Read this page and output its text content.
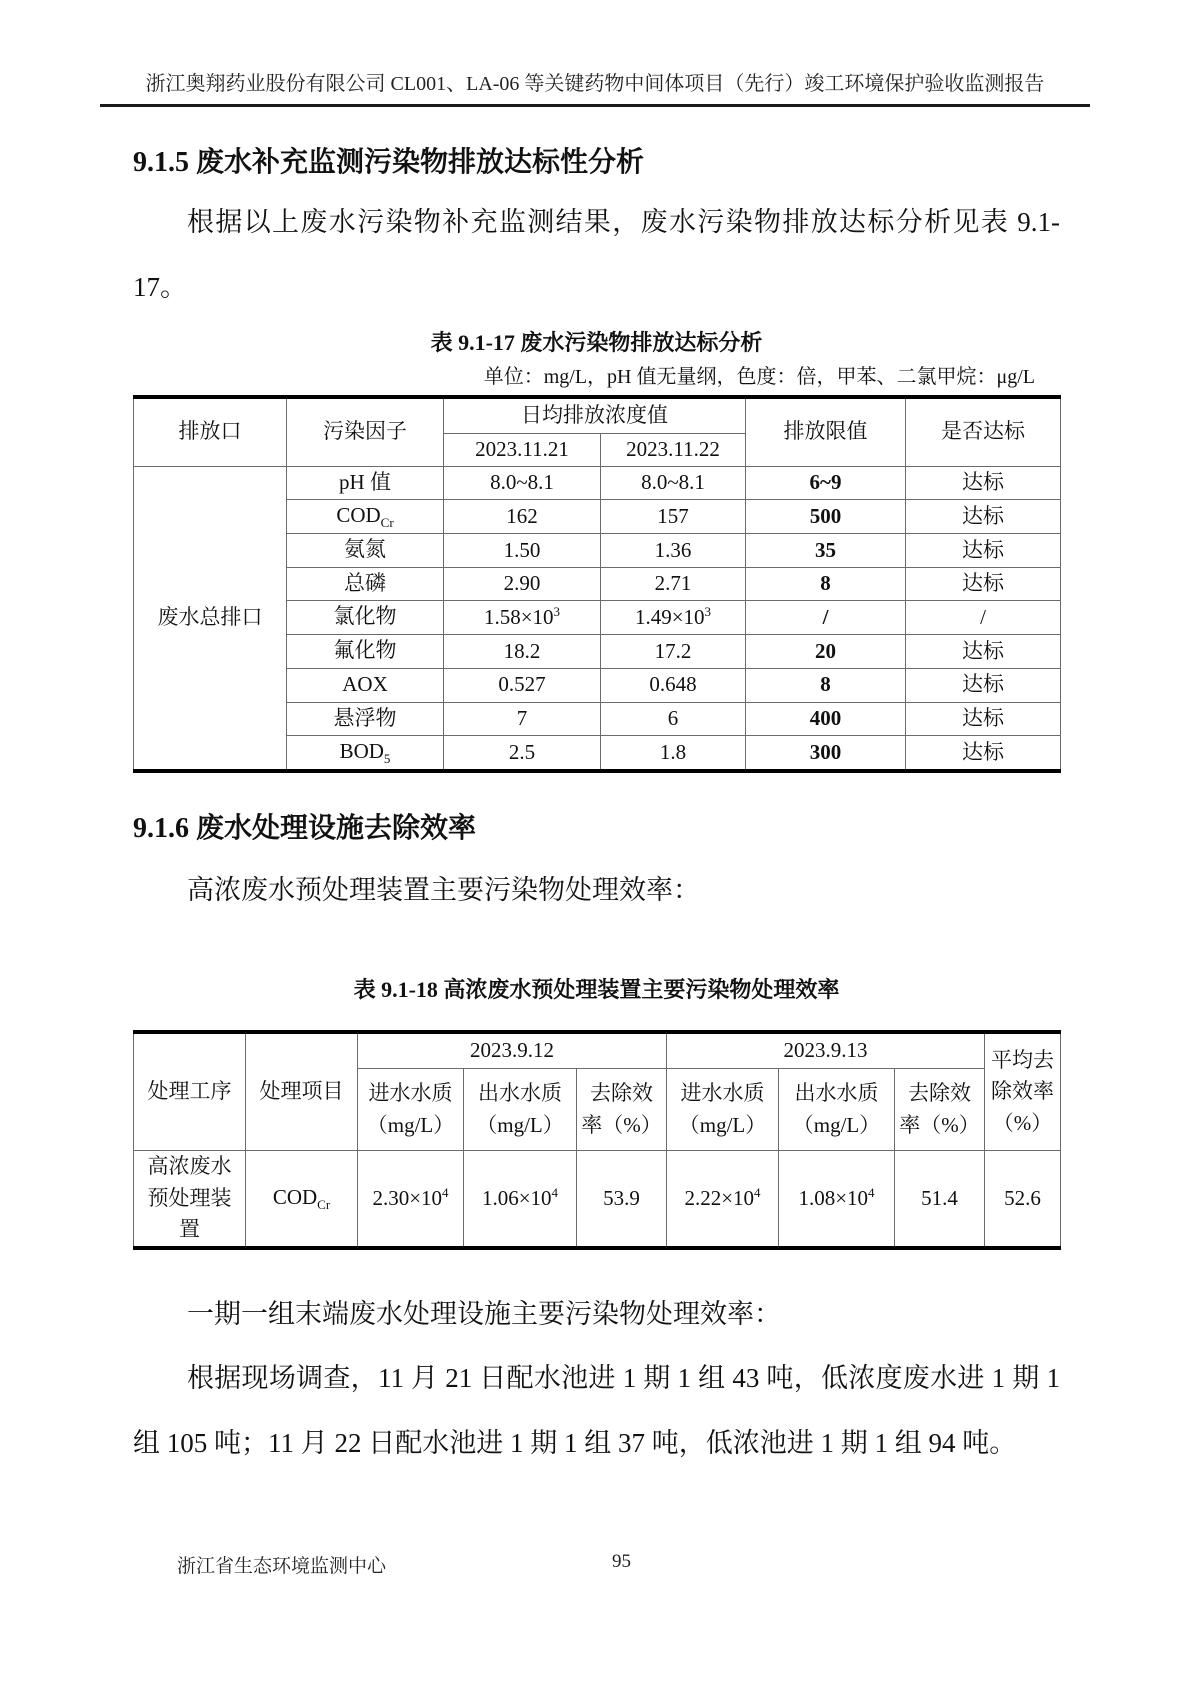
浙江奥翔药业股份有限公司 CL001、LA-06 等关键药物中间体项目（先行）竣工环境保护验收监测报告
9.1.5 废水补充监测污染物排放达标性分析

根据以上废水污染物补充监测结果，废水污染物排放达标分析见表 9.1-17。

表 9.1-17 废水污染物排放达标分析
单位：mg/L，pH 值无量纲，色度：倍，甲苯、二氯甲烷：μg/L
排放口	污染因子	日均排放浓度值		排放限值	是否达标
		2023.11.21	2023.11.22		
废水总排口	pH 值	8.0~8.1	8.0~8.1	6~9	达标
	$COD_{Cr}$	162	157	500	达标
	氨氮	1.50	1.36	35	达标
	总磷	2.90	2.71	8	达标
	氯化物	$1.58\times 10^3$	$1.49\times 10^3$	/	/
	氟化物	18.2	17.2	20	达标
	AOX	0.527	0.648	8	达标
	悬浮物	7	6	400	达标
	$BOD_5$	2.5	1.8	300	达标
9.1.6 废水处理设施去除效率

高浓废水预处理装置主要污染物处理效率：

表 9.1-18 高浓废水预处理装置主要污染物处理效率
处理工序	处理项目	2023.9.12			2023.9.13			平均去除效率（%）
		进水水质（mg/L）	出水水质（mg/L）	去除效率（%）	进水水质（mg/L）	出水水质（mg/L）	去除效率（%）	
高浓废水预处理装置	$COD_{Cr}$	$2.30\times 10^4$	$1.06\times 10^4$	53.9	$2.22\times 10^4$	$1.08\times 10^4$	51.4	52.6

一期一组末端废水处理设施主要污染物处理效率：

根据现场调查，11 月 21 日配水池进 1 期 1 组 43 吨，低浓度废水进 1 期 1 组 105 吨；11 月 22 日配水池进 1 期 1 组 37 吨，低浓池进 1 期 1 组 94 吨。

浙江省生态环境监测中心	95
